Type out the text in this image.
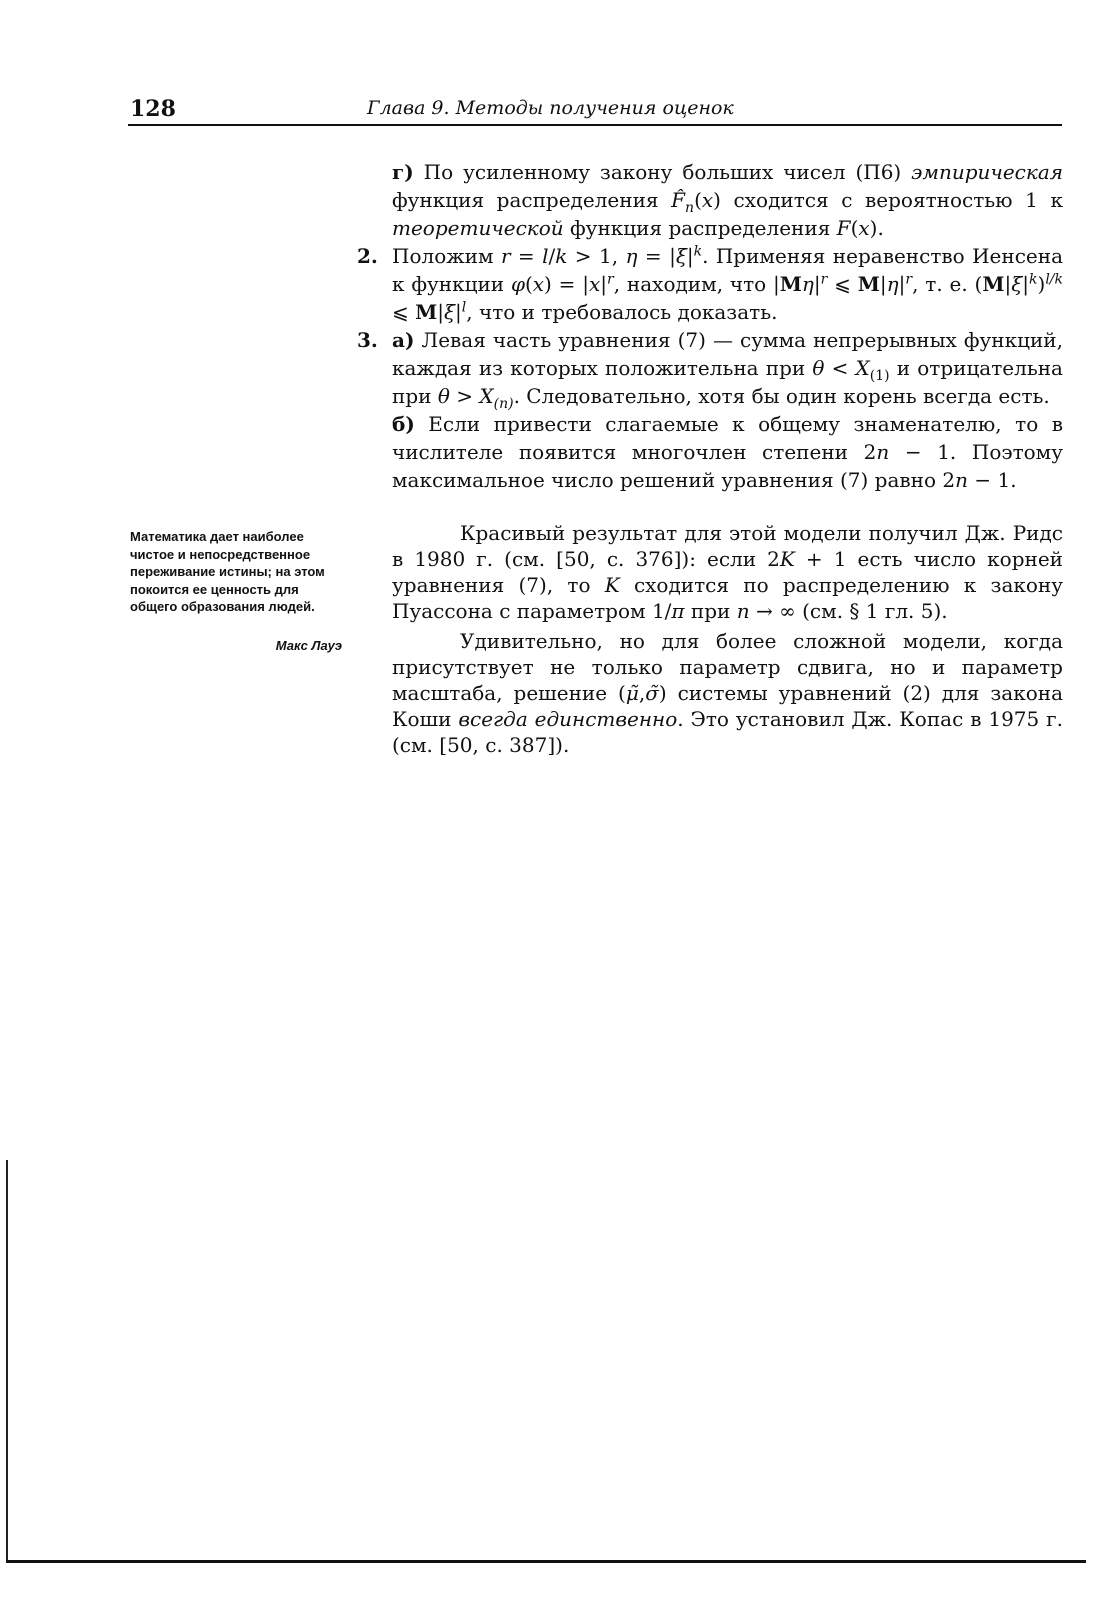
128	Глава 9. Методы получения оценок
г) По усиленному закону больших чисел (П6) эмпирическая функция распределения $F̂_n(x)$ сходится с вероятностью 1 к теоретической функция распределения F(x).
2. Положим r = l/k > 1, $\eta = |\xi|^k$. Применяя неравенство Иенсена к функции $\varphi(x) = |x|^r$, находим, что $|M\eta|^r$ ⩽ $M|\eta|^r$, т. е. $(M|\xi|^k)^{l/k}$ ⩽ $M|\xi|^l$, что и требовалось доказать.
3. а) Левая часть уравнения (7) — сумма непрерывных функций, каждая из которых положительна при $\theta < X_{(1)}$ и отрицательна при $\theta > X_{(n)}$. Следовательно, хотя бы один корень всегда есть.
б) Если привести слагаемые к общему знаменателю, то в числителе появится многочлен степени 2n − 1. Поэтому максимальное число решений уравнения (7) равно 2n − 1.
Математика дает наиболее чистое и непосредственное переживание истины; на этом покоится ее ценность для общего образования людей.
Макс Лауэ

Красивый результат для этой модели получил Дж. Ридс в 1980 г. (см. [50, с. 376]): если 2K + 1 есть число корней уравнения (7), то K сходится по распределению к закону Пуассона с параметром 1/π при n → ∞ (см. § 1 гл. 5).

Удивительно, но для более сложной модели, когда присутствует не только параметр сдвига, но и параметр масштаба, решение (μ̃,σ̃) системы уравнений (2) для закона Коши всегда единственно. Это установил Дж. Копас в 1975 г. (см. [50, с. 387]).
